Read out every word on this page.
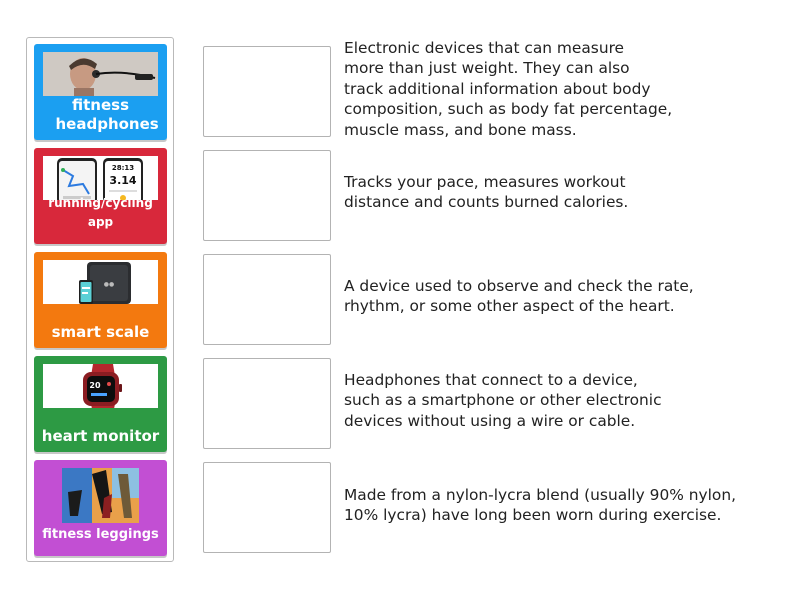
fitness headphones
28:13
3.14
running/cycling app
●●
smart scale
20
heart monitor
fitness leggings
Electronic devices that can measure
more than just weight. They can also
track additional information about body
composition, such as body fat percentage,
muscle mass, and bone mass.
Tracks your pace, measures workout
distance and counts burned calories.
A device used to observe and check the rate,
rhythm, or some other aspect of the heart.
Headphones that connect to a device,
such as a smartphone or other electronic
devices without using a wire or cable.
Made from a nylon-lycra blend (usually 90% nylon,
10% lycra) have long been worn during exercise.
